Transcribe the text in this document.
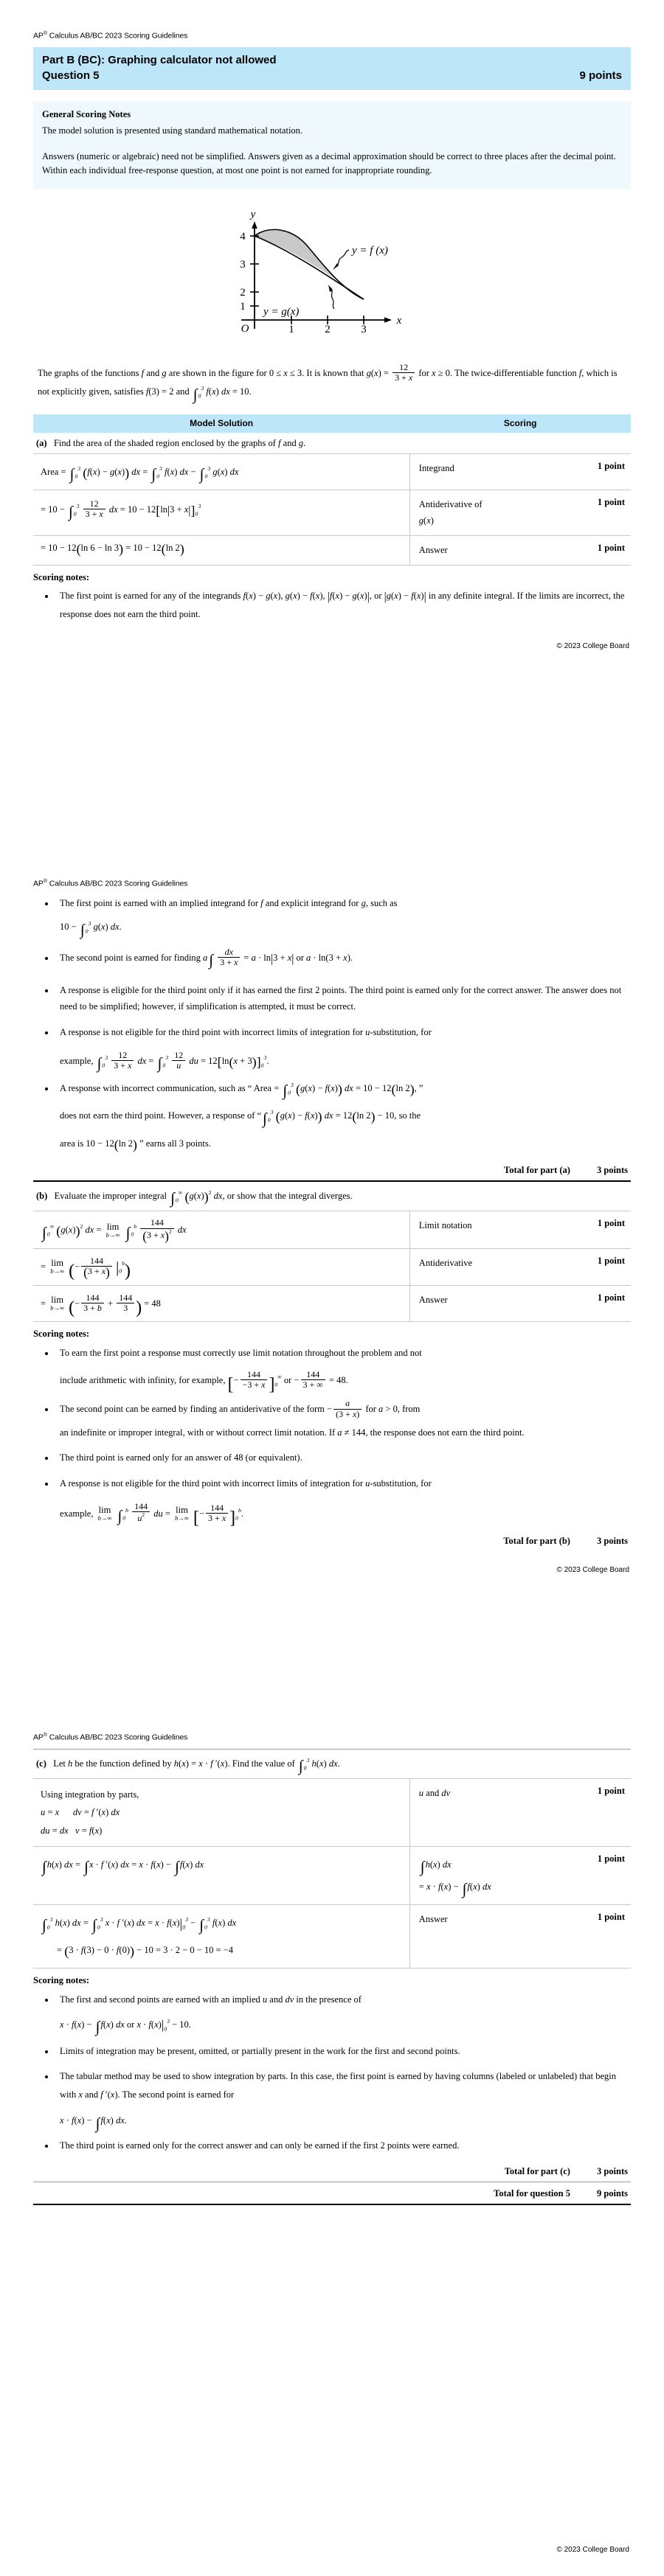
AP® Calculus AB/BC 2023 Scoring Guidelines
Part B (BC): Graphing calculator not allowed
Question 5	9 points
General Scoring Notes
The model solution is presented using standard mathematical notation.
Answers (numeric or algebraic) need not be simplified. Answers given as a decimal approximation should be correct to three places after the decimal point. Within each individual free-response question, at most one point is not earned for inappropriate rounding.
4
3
2
1
1	2	3
y
x
O
y = f (x)
y = g(x)
The graphs of the functions f and g are shown in the figure for 0 ≤ x ≤ 3. It is known that $g(x) = \frac{12}{3 + x}$ for x ≥ 0. The twice-differentiable function f, which is not explicitly given, satisfies f(3) = 2 and $\int_0^3$ f(x) dx = 10.
Model Solution	Scoring
(a)   Find the area of the shaded region enclosed by the graphs of f and g.	
Area = $\int_0^3$ (f(x) − g(x)) dx = $\int_0^3$ f(x) dx − $\int_0^3$ g(x) dx	Integrand 1 point

= $10 - \int_0^3 \frac{12}{3 + x}$ dx = $10 - 12[\ln|3 + x|]_0^3$	Antiderivative of
g(x)
1 point

= 10 − 12(ln 6 − ln 3) = 10 − 12(ln 2)	Answer 1 point
Scoring notes:
• The first point is earned for any of the integrands f(x) − g(x), g(x) − f(x), |f(x) − g(x)|, or |g(x) − f(x)| in any definite integral. If the limits are incorrect, the response does not earn the third point.
© 2023 College Board
AP® Calculus AB/BC 2023 Scoring Guidelines
• The first point is earned with an implied integrand for f and explicit integrand for g, such as
$10 - \int_0^3$ g(x) dx.
• The second point is earned for finding $a\int \frac{dx}{3 + x} = a \cdot \ln|3 + x|$ or a · ln(3 + x).
• A response is eligible for the third point only if it has earned the first 2 points. The third point is earned only for the correct answer. The answer does not need to be simplified; however, if simplification is attempted, it must be correct.
• A response is not eligible for the third point with incorrect limits of integration for u-substitution, for
example, $\int_0^3 \frac{12}{3 + x}$ dx = $\int_0^3 \frac{12}{u}$ du = $12[\ln(x + 3)]_0^3$.
• A response with incorrect communication, such as “ Area = $\int_0^3$ (g(x) − f(x)) dx = 10 − 12(ln 2), ”
does not earn the third point. However, a response of “$\int_0^3$ (g(x) − f(x)) dx = 12(ln 2) − 10, so the
area is 10 − 12(ln 2) ” earns all 3 points.
Total for part (a)	3 points
(b)   Evaluate the improper integral $\int_0^\infty$ $(g(x))^2$ dx, or show that the integral diverges.	
$\int_0^\infty$ $(g(x))^2$ dx = lim
b→∞ $\int_0^b \frac{144}{(3 + x)^2}$ dx	Limit notation	1 point

= lim
b→∞ (− $\frac{144}{(3 + x)} |_0^b$)	Antiderivative	1 point

= lim
b→∞ (− $\frac{144}{3 + b} + \frac{144}{3}$ ) = 48	Answer	1 point
Scoring notes:
• To earn the first point a response must correctly use limit notation throughout the problem and not
include arithmetic with infinity, for example, [− $\frac{144}{-3 + x} ]_0^\infty$ or − $\frac{144}{3 + \infty} = 48$.
• The second point can be earned by finding an antiderivative of the form − $\frac{a}{(3 + x)}$ for a > 0, from
an indefinite or improper integral, with or without correct limit notation. If a ≠ 144, the response does not earn the third point.
• The third point is earned only for an answer of 48 (or equivalent).
• A response is not eligible for the third point with incorrect limits of integration for u-substitution, for
example, lim
b→∞ $\int_0^b \frac{144}{u^2}$ du = lim
b→∞ [− $\frac{144}{3 + x} ]_0^b$.
Total for part (b)	3 points
© 2023 College Board
AP® Calculus AB/BC 2023 Scoring Guidelines
(c)   Let h be the function defined by h(x) = x · f ′(x). Find the value of $\int_0^3$ h(x) dx.	
Using integration by parts,
u = x dv = f ′(x) dx
du = dx v = f(x)	u and dv 1 point

∫h(x) dx = ∫x · f ′(x) dx = x · f(x) − ∫f(x) dx	∫h(x) dx
= x · f(x) − ∫f(x) dx
1 point

$\int_0^3$ h(x) dx = $\int_0^3$ x · f ′(x) dx = $x \cdot f(x)|_0^3 - \int_0^3$ f(x) dx
= (3 · f(3) − 0 · f(0)) − 10 = 3 · 2 − 0 − 10 = −4	Answer 1 point
Scoring notes:
• The first and second points are earned with an implied u and dv in the presence of
x · f(x) − ∫f(x) dx or $x \cdot f(x)|_0^3 - 10$.
• Limits of integration may be present, omitted, or partially present in the work for the first and second points.
• The tabular method may be used to show integration by parts. In this case, the first point is earned by having columns (labeled or unlabeled) that begin with x and f ′(x). The second point is earned for
x · f(x) − ∫f(x) dx.
• The third point is earned only for the correct answer and can only be earned if the first 2 points were earned.
Total for part (c)	3 points
Total for question 5	9 points
© 2023 College Board
